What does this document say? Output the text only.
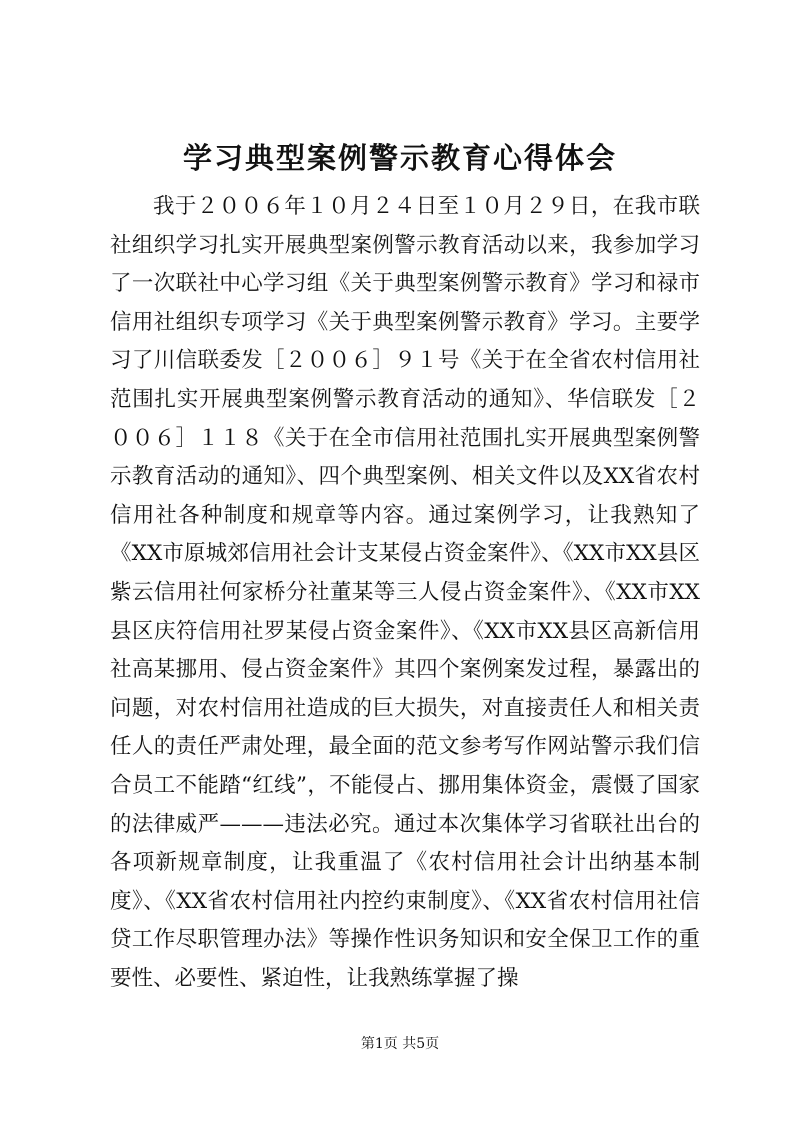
学习典型案例警示教育心得体会

我于２００６年１０月２４日至１０月２９日，在我市联社组织学习扎实开展典型案例警示教育活动以来，我参加学习了一次联社中心学习组《关于典型案例警示教育》学习和禄市信用社组织专项学习《关于典型案例警示教育》学习。主要学习了川信联委发［２００６］９１号《关于在全省农村信用社范围扎实开展典型案例警示教育活动的通知》、华信联发［２００６］１１８《关于在全市信用社范围扎实开展典型案例警示教育活动的通知》、四个典型案例、相关文件以及XX省农村信用社各种制度和规章等内容。通过案例学习，让我熟知了《XX市原城郊信用社会计支某侵占资金案件》、《XX市XX县区紫云信用社何家桥分社董某等三人侵占资金案件》、《XX市XX县区庆符信用社罗某侵占资金案件》、《XX市XX县区高新信用社高某挪用、侵占资金案件》其四个案例案发过程，暴露出的问题，对农村信用社造成的巨大损失，对直接责任人和相关责任人的责任严肃处理，最全面的范文参考写作网站警示我们信合员工不能踏“红线”，不能侵占、挪用集体资金，震慑了国家的法律威严———违法必究。通过本次集体学习省联社出台的各项新规章制度，让我重温了《农村信用社会计出纳基本制度》、《XX省农村信用社内控约束制度》、《XX省农村信用社信贷工作尽职管理办法》等操作性识务知识和安全保卫工作的重要性、必要性、紧迫性，让我熟练掌握了操

第1页 共5页
